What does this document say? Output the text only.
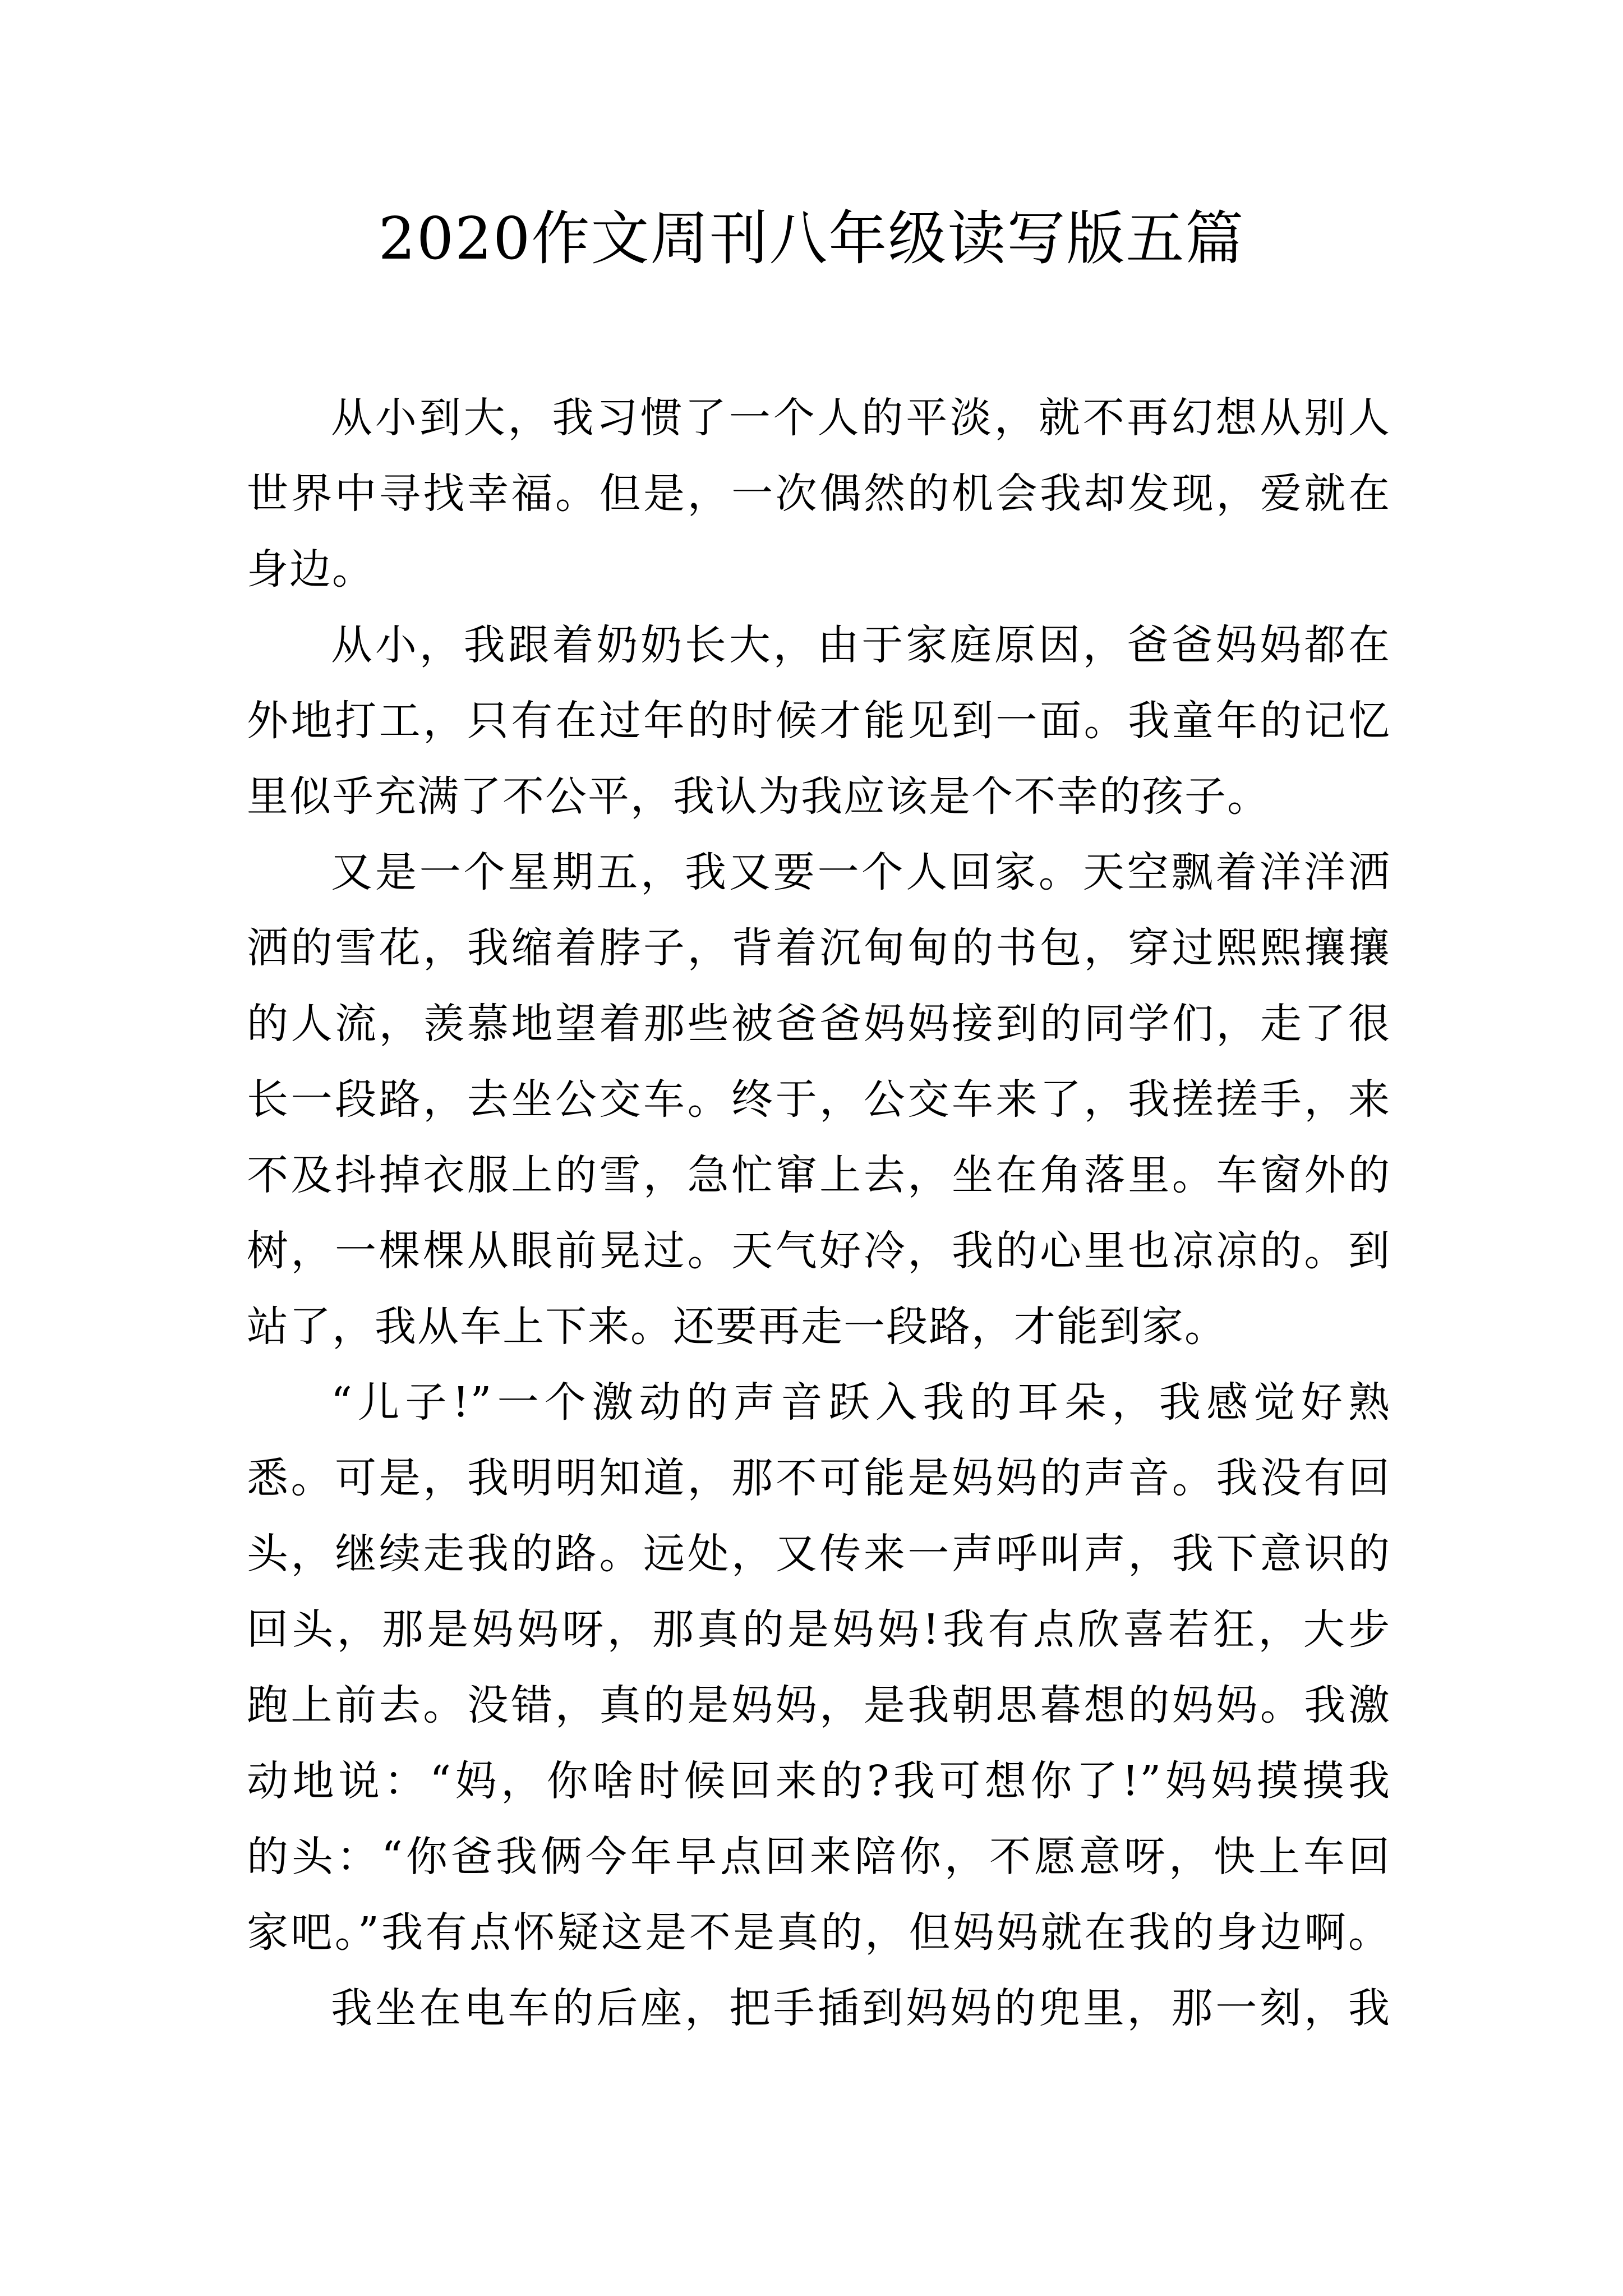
2020作文周刊八年级读写版五篇
从小到大，我习惯了一个人的平淡，就不再幻想从别人
世界中寻找幸福。但是，一次偶然的机会我却发现，爱就在
身边。
从小，我跟着奶奶长大，由于家庭原因，爸爸妈妈都在
外地打工，只有在过年的时候才能见到一面。我童年的记忆
里似乎充满了不公平，我认为我应该是个不幸的孩子。
又是一个星期五，我又要一个人回家。天空飘着洋洋洒
洒的雪花，我缩着脖子，背着沉甸甸的书包，穿过熙熙攘攘
的人流，羡慕地望着那些被爸爸妈妈接到的同学们，走了很
长一段路，去坐公交车。终于，公交车来了，我搓搓手，来
不及抖掉衣服上的雪，急忙窜上去，坐在角落里。车窗外的
树，一棵棵从眼前晃过。天气好冷，我的心里也凉凉的。到
站了，我从车上下来。还要再走一段路，才能到家。
“儿子!”一个激动的声音跃入我的耳朵，我感觉好熟
悉。可是，我明明知道，那不可能是妈妈的声音。我没有回
头，继续走我的路。远处，又传来一声呼叫声，我下意识的
回头，那是妈妈呀，那真的是妈妈!我有点欣喜若狂，大步
跑上前去。没错，真的是妈妈，是我朝思暮想的妈妈。我激
动地说：“妈，你啥时候回来的?我可想你了!”妈妈摸摸我
的头：“你爸我俩今年早点回来陪你，不愿意呀，快上车回
家吧。”我有点怀疑这是不是真的，但妈妈就在我的身边啊。
我坐在电车的后座，把手插到妈妈的兜里，那一刻，我
